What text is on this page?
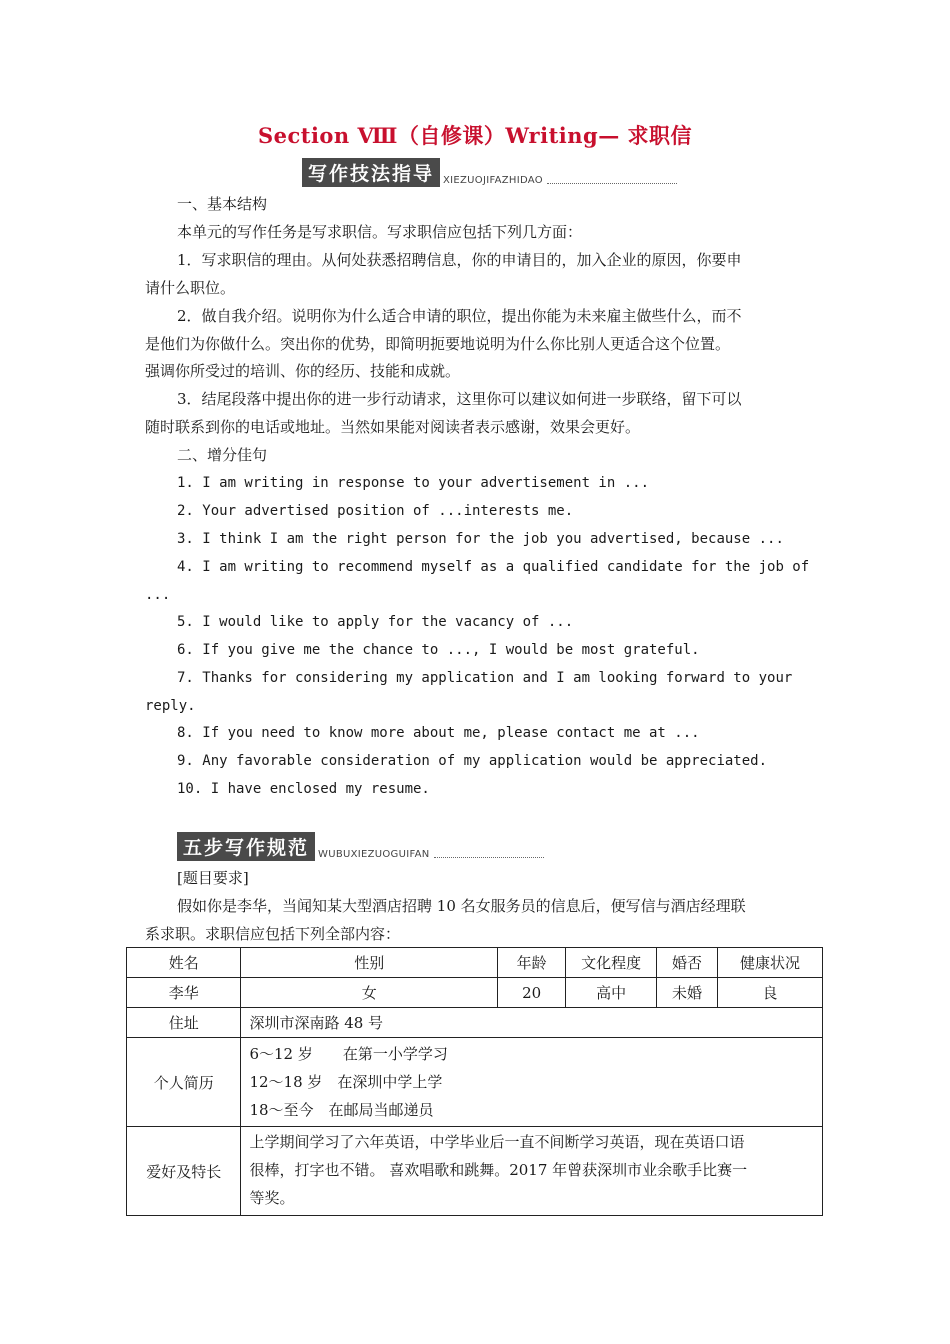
Section Ⅷ（自修课）Writing— 求职信
写作技法指导 XIEZUOJIFAZHIDAO
一、基本结构
本单元的写作任务是写求职信。写求职信应包括下列几方面：
1．写求职信的理由。从何处获悉招聘信息，你的申请目的，加入企业的原因，你要申
请什么职位。
2．做自我介绍。说明你为什么适合申请的职位，提出你能为未来雇主做些什么，而不
是他们为你做什么。突出你的优势，即简明扼要地说明为什么你比别人更适合这个位置。
强调你所受过的培训、你的经历、技能和成就。
3．结尾段落中提出你的进一步行动请求，这里你可以建议如何进一步联络，留下可以
随时联系到你的电话或地址。当然如果能对阅读者表示感谢，效果会更好。
二、增分佳句
1. I am writing in response to your advertisement in ...
2. Your advertised position of ...interests me.
3. I think I am the right person for the job you advertised, because ...
4. I am writing to recommend myself as a qualified candidate for the job of
...
5. I would like to apply for the vacancy of ...
6. If you give me the chance to ..., I would be most grateful.
7. Thanks for considering my application and I am looking forward to your
reply.
8. If you need to know more about me, please contact me at ...
9. Any favorable consideration of my application would be appreciated.
10. I have enclosed my resume.
五步写作规范 WUBUXIEZUOGUIFAN
[题目要求]
假如你是李华，当闻知某大型酒店招聘 10 名女服务员的信息后，便写信与酒店经理联
系求职。求职信应包括下列全部内容：
姓名	性别	年龄	文化程度	婚否	健康状况
李华	女	20	高中	未婚	良
住址	深圳市深南路 48 号				
个人简历	6～12 岁　　在第一小学学习
12～18 岁　在深圳中学上学
18～至今　在邮局当邮递员				

爱好及特长	上学期间学习了六年英语，中学毕业后一直不间断学习英语，现在英语口语
很棒，打字也不错。 喜欢唱歌和跳舞。2017 年曾获深圳市业余歌手比赛一
等奖。				
